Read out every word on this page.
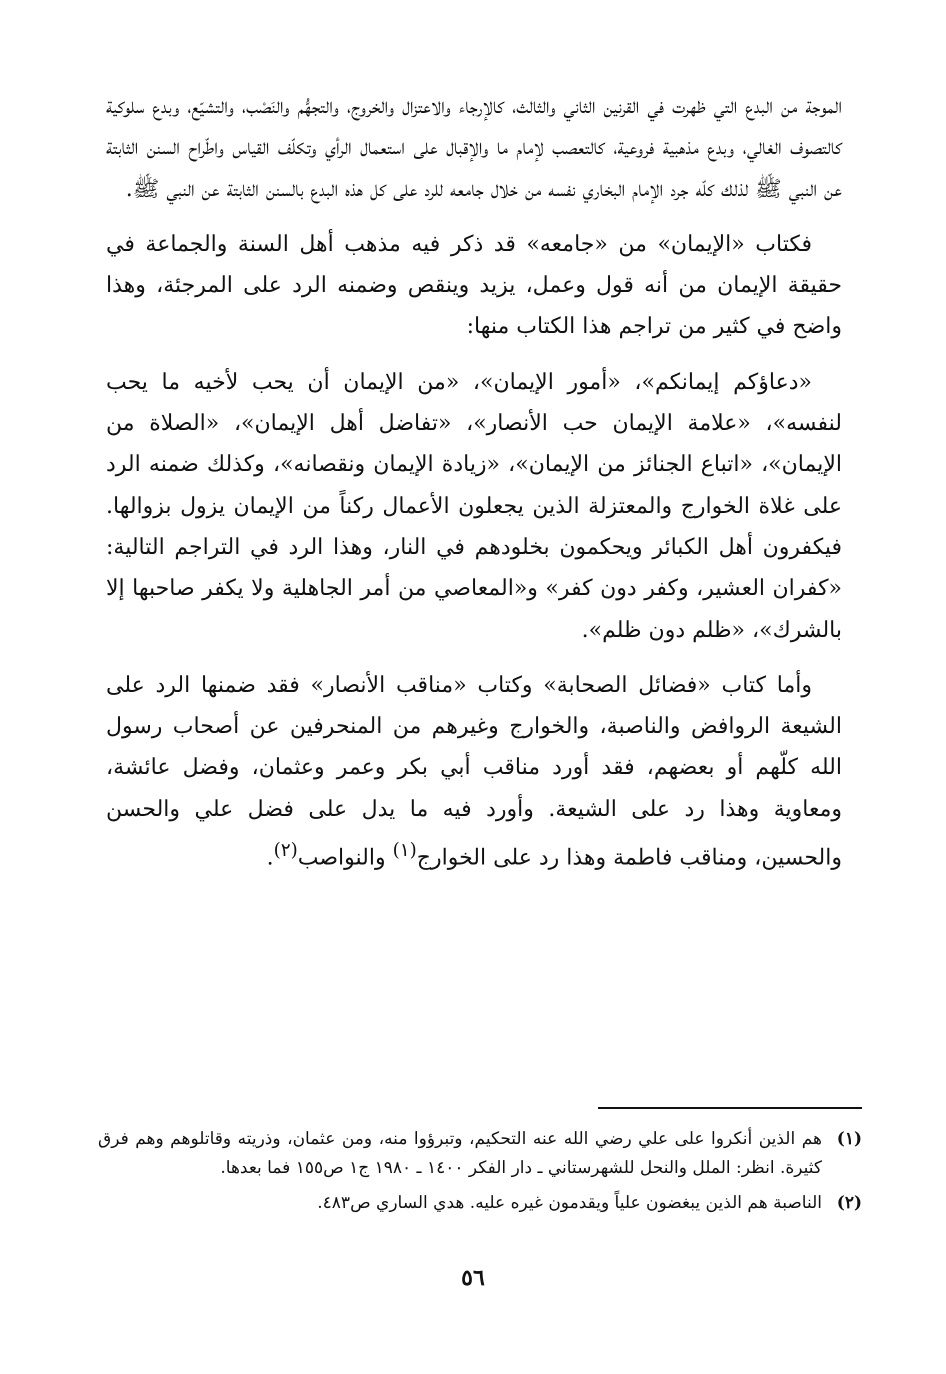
الموجة من البدع التي ظهرت في القرنين الثاني والثالث، كالإرجاء والاعتزال والخروج، والتجهُّم والنَصْب، والتشيّع، وبدع سلوكية كالتصوف الغالي، وبدع مذهبية فروعية، كالتعصب لإمام ما والإقبال على استعمال الرأي وتكلّف القياس واطّراح السنن الثابتة عن النبي ﷺ لذلك كلّه جرد الإمام البخاري نفسه من خلال جامعه للرد على كل هذه البدع بالسنن الثابتة عن النبي ﷺ.

فكتاب «الإيمان» من «جامعه» قد ذكر فيه مذهب أهل السنة والجماعة في حقيقة الإيمان من أنه قول وعمل، يزيد وينقص وضمنه الرد على المرجئة، وهذا واضح في كثير من تراجم هذا الكتاب منها:

«دعاؤكم إيمانكم»، «أمور الإيمان»، «من الإيمان أن يحب لأخيه ما يحب لنفسه»، «علامة الإيمان حب الأنصار»، «تفاضل أهل الإيمان»، «الصلاة من الإيمان»، «اتباع الجنائز من الإيمان»، «زيادة الإيمان ونقصانه»، وكذلك ضمنه الرد على غلاة الخوارج والمعتزلة الذين يجعلون الأعمال ركناً من الإيمان يزول بزوالها. فيكفرون أهل الكبائر ويحكمون بخلودهم في النار، وهذا الرد في التراجم التالية: «كفران العشير، وكفر دون كفر» و«المعاصي من أمر الجاهلية ولا يكفر صاحبها إلا بالشرك»، «ظلم دون ظلم».

وأما كتاب «فضائل الصحابة» وكتاب «مناقب الأنصار» فقد ضمنها الرد على الشيعة الروافض والناصبة، والخوارج وغيرهم من المنحرفين عن أصحاب رسول الله كلّهم أو بعضهم، فقد أورد مناقب أبي بكر وعمر وعثمان، وفضل عائشة، ومعاوية وهذا رد على الشيعة. وأورد فيه ما يدل على فضل علي والحسن والحسين، ومناقب فاطمة وهذا رد على الخوارج$^{(١)}$ والنواصب$^{(٢)}$.

(١)
هم الذين أنكروا على علي رضي الله عنه التحكيم، وتبرؤوا منه، ومن عثمان، وذريته وقاتلوهم وهم فرق كثيرة. انظر: الملل والنحل للشهرستاني ـ دار الفكر ١٤٠٠ ـ ١٩٨٠ ج١ ص١٥٥ فما بعدها.
(٢)
الناصبة هم الذين يبغضون علياً ويقدمون غيره عليه. هدي الساري ص٤٨٣.
٥٦
